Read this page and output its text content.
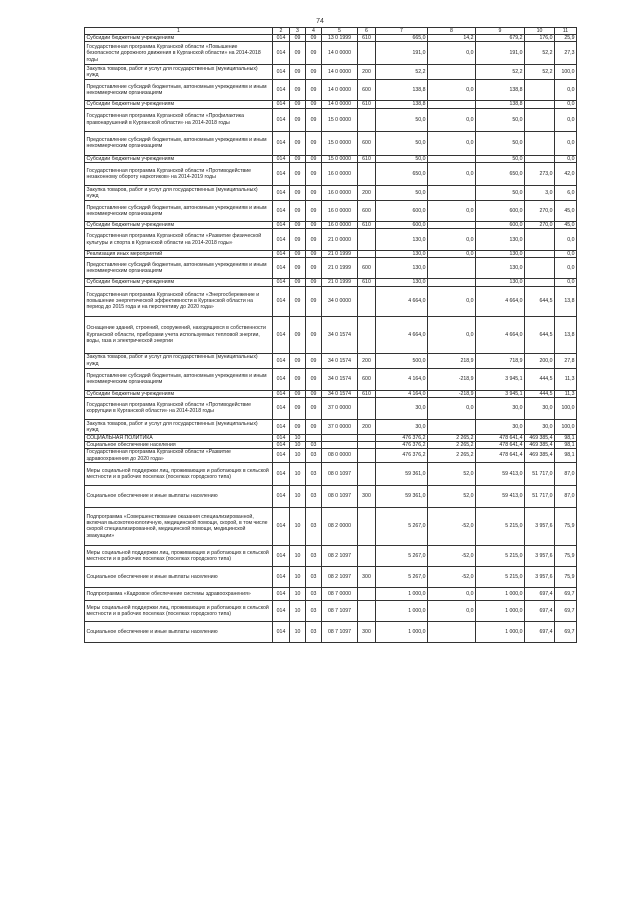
74
1	2	3	4	5	6	7	8	9	10	11
Субсидии бюджетным учреждениям	014	09	09	13 0 1999	610	665,0	14,2	679,2	176,0	25,9
Государственная программа Курганской области «Повышение безопасности дорожного движения в Курганской области» на 2014-2018 годы	014	09	09	14 0 0000		191,0	0,0	191,0	52,2	27,3
Закупка товаров, работ и услуг для государственных (муниципальных) нужд	014	09	09	14 0 0000	200	52,2		52,2	52,2	100,0
Предоставление субсидий бюджетным, автономным учреждениям и иным некоммерческим организациям	014	09	09	14 0 0000	600	138,8	0,0	138,8		0,0
Субсидии бюджетным учреждениям	014	09	09	14 0 0000	610	138,8		138,8		0,0
Государственная программа Курганской области «Профилактика правонарушений в Курганской области» на 2014-2018 годы	014	09	09	15 0 0000		50,0	0,0	50,0		0,0
Предоставление субсидий бюджетным, автономным учреждениям и иным некоммерческим организациям	014	09	09	15 0 0000	600	50,0	0,0	50,0		0,0
Субсидии бюджетным учреждениям	014	09	09	15 0 0000	610	50,0		50,0		0,0
Государственная программа Курганской области «Противодействие незаконному обороту наркотиков» на 2014-2019 годы	014	09	09	16 0 0000		650,0	0,0	650,0	273,0	42,0
Закупка товаров, работ и услуг для государственных (муниципальных) нужд	014	09	09	16 0 0000	200	50,0		50,0	3,0	6,0
Предоставление субсидий бюджетным, автономным учреждениям и иным некоммерческим организациям	014	09	09	16 0 0000	600	600,0	0,0	600,0	270,0	45,0
Субсидии бюджетным учреждениям	014	09	09	16 0 0000	610	600,0		600,0	270,0	45,0
Государственная программа Курганской области «Развитие физической культуры и спорта в Курганской области на 2014-2018 годы»	014	09	09	21 0 0000		130,0	0,0	130,0		0,0
Реализация иных мероприятий	014	09	09	21 0 1999		130,0	0,0	130,0		0,0
Предоставление субсидий бюджетным, автономным учреждениям и иным некоммерческим организациям	014	09	09	21 0 1999	600	130,0		130,0		0,0
Субсидии бюджетным учреждениям	014	09	09	21 0 1999	610	130,0		130,0		0,0
Государственная программа Курганской области «Энергосбережение и повышение энергетической эффективности в Курганской области на период до 2015 года и на перспективу до 2020 года»	014	09	09	34 0 0000		4 664,0	0,0	4 664,0	644,5	13,8
Оснащение зданий, строений, сооружений, находящихся в собственности Курганской области, приборами учета используемых тепловой энергии, воды, газа и электрической энергии	014	09	09	34 0 1574		4 664,0	0,0	4 664,0	644,5	13,8
Закупка товаров, работ и услуг для государственных (муниципальных) нужд	014	09	09	34 0 1574	200	500,0	218,9	718,9	200,0	27,8
Предоставление субсидий бюджетным, автономным учреждениям и иным некоммерческим организациям	014	09	09	34 0 1574	600	4 164,0	-218,9	3 945,1	444,5	11,3
Субсидии бюджетным учреждениям	014	09	09	34 0 1574	610	4 164,0	-218,9	3 945,1	444,5	11,3
Государственная программа Курганской области «Противодействие коррупции в Курганской области» на 2014-2018 годы	014	09	09	37 0 0000		30,0	0,0	30,0	30,0	100,0
Закупка товаров, работ и услуг для государственных (муниципальных) нужд	014	09	09	37 0 0000	200	30,0		30,0	30,0	100,0
СОЦИАЛЬНАЯ ПОЛИТИКА	014	10				476 376,2	2 265,2	478 641,4	469 385,4	98,1
Социальное обеспечение населения	014	10	03			476 376,2	2 265,2	478 641,4	469 385,4	98,1
Государственная программа Курганской области «Развитие здравоохранения до 2020 года»	014	10	03	08 0 0000		476 376,2	2 265,2	478 641,4	469 385,4	98,1
Меры социальной поддержки лиц, проживающих и работающих в сельской местности и в рабочих поселках (поселках городского типа)	014	10	03	08 0 1097		59 361,0	52,0	59 413,0	51 717,0	87,0
Социальное обеспечение и иные выплаты населению	014	10	03	08 0 1097	300	59 361,0	52,0	59 413,0	51 717,0	87,0
Подпрограмма «Совершенствование оказания специализированной, включая высокотехнологичную, медицинской помощи, скорой, в том числе скорой специализированной, медицинской помощи, медицинской эвакуации»	014	10	03	08 2 0000		5 267,0	-52,0	5 215,0	3 957,6	75,9
Меры социальной поддержки лиц, проживающих и работающих в сельской местности и в рабочих поселках (поселках городского типа)	014	10	03	08 2 1097		5 267,0	-52,0	5 215,0	3 957,6	75,9
Социальное обеспечение и иные выплаты населению	014	10	03	08 2 1097	300	5 267,0	-52,0	5 215,0	3 957,6	75,9
Подпрограмма «Кадровое обеспечение системы здравоохранения»	014	10	03	08 7 0000		1 000,0	0,0	1 000,0	697,4	69,7
Меры социальной поддержки лиц, проживающих и работающих в сельской местности и в рабочих поселках (поселках городского типа)	014	10	03	08 7 1097		1 000,0	0,0	1 000,0	697,4	69,7
Социальное обеспечение и иные выплаты населению	014	10	03	08 7 1097	300	1 000,0		1 000,0	697,4	69,7
